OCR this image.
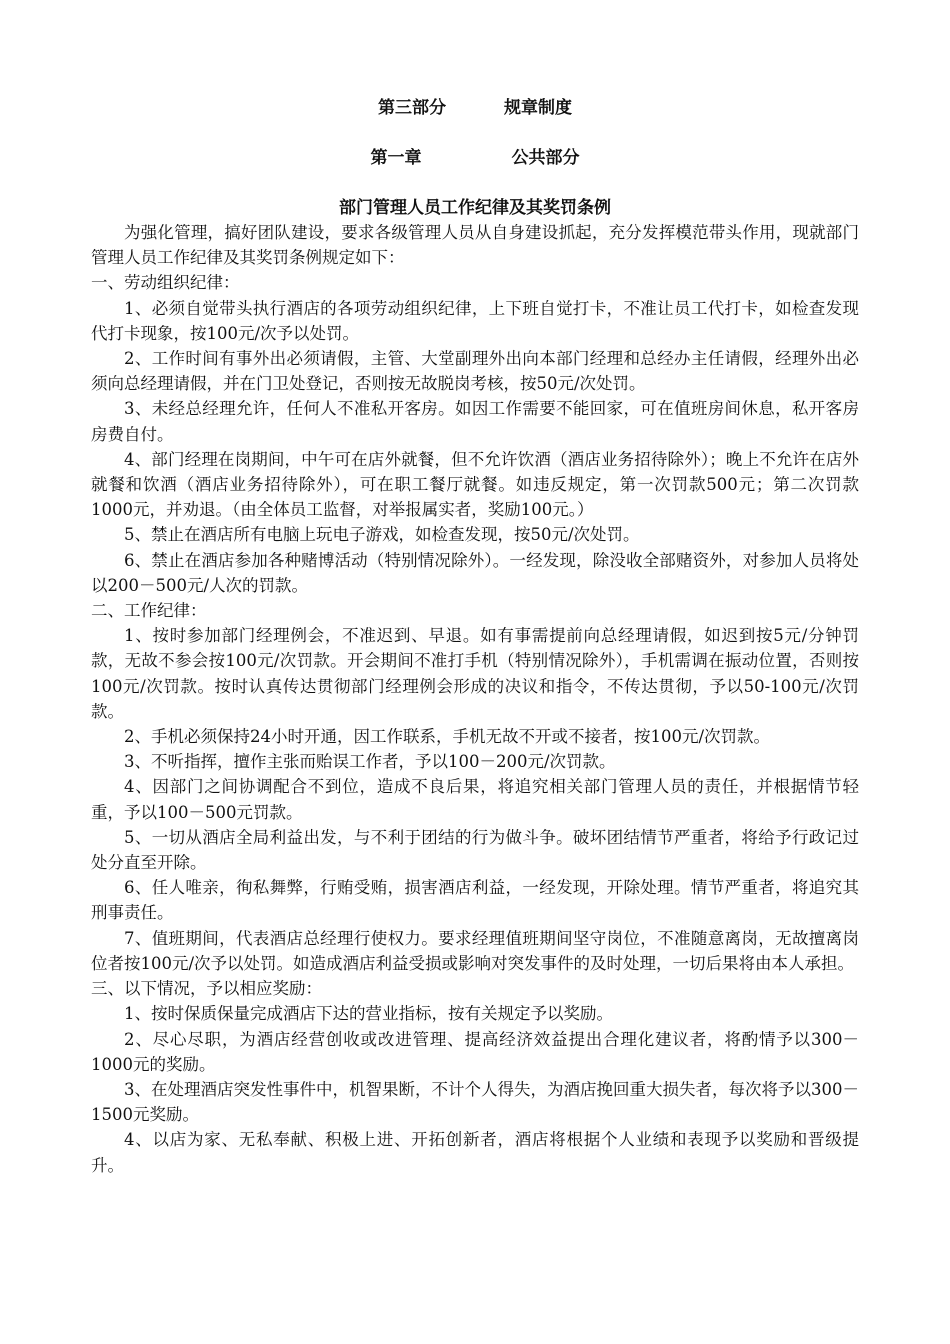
第三部分	规章制度
第一章	公共部分
部门管理人员工作纪律及其奖罚条例

为强化管理，搞好团队建设，要求各级管理人员从自身建设抓起，充分发挥模范带头作用，现就部门管理人员工作纪律及其奖罚条例规定如下：

一、劳动组织纪律：

1、必须自觉带头执行酒店的各项劳动组织纪律，上下班自觉打卡，不准让员工代打卡，如检查发现代打卡现象，按100元/次予以处罚。

2、工作时间有事外出必须请假，主管、大堂副理外出向本部门经理和总经办主任请假，经理外出必须向总经理请假，并在门卫处登记，否则按无故脱岗考核，按50元/次处罚。

3、未经总经理允许，任何人不准私开客房。如因工作需要不能回家，可在值班房间休息，私开客房房费自付。

4、部门经理在岗期间，中午可在店外就餐，但不允许饮酒（酒店业务招待除外）；晚上不允许在店外就餐和饮酒（酒店业务招待除外），可在职工餐厅就餐。如违反规定，第一次罚款500元；第二次罚款1000元，并劝退。（由全体员工监督，对举报属实者，奖励100元。）

5、禁止在酒店所有电脑上玩电子游戏，如检查发现，按50元/次处罚。

6、禁止在酒店参加各种赌博活动（特别情况除外）。一经发现，除没收全部赌资外，对参加人员将处以200－500元/人次的罚款。

二、工作纪律：

1、按时参加部门经理例会，不准迟到、早退。如有事需提前向总经理请假，如迟到按5元/分钟罚款，无故不参会按100元/次罚款。开会期间不准打手机（特别情况除外），手机需调在振动位置，否则按100元/次罚款。按时认真传达贯彻部门经理例会形成的决议和指令，不传达贯彻，予以50-100元/次罚款。

2、手机必须保持24小时开通，因工作联系，手机无故不开或不接者，按100元/次罚款。

3、不听指挥，擅作主张而贻误工作者，予以100－200元/次罚款。

4、因部门之间协调配合不到位，造成不良后果，将追究相关部门管理人员的责任，并根据情节轻重，予以100－500元罚款。

5、一切从酒店全局利益出发，与不利于团结的行为做斗争。破坏团结情节严重者，将给予行政记过处分直至开除。

6、任人唯亲，徇私舞弊，行贿受贿，损害酒店利益，一经发现，开除处理。情节严重者，将追究其刑事责任。

7、值班期间，代表酒店总经理行使权力。要求经理值班期间坚守岗位，不准随意离岗，无故擅离岗位者按100元/次予以处罚。如造成酒店利益受损或影响对突发事件的及时处理，一切后果将由本人承担。

三、以下情况，予以相应奖励：

1、按时保质保量完成酒店下达的营业指标，按有关规定予以奖励。

2、尽心尽职，为酒店经营创收或改进管理、提高经济效益提出合理化建议者，将酌情予以300－1000元的奖励。

3、在处理酒店突发性事件中，机智果断，不计个人得失，为酒店挽回重大损失者，每次将予以300－1500元奖励。

4、以店为家、无私奉献、积极上进、开拓创新者，酒店将根据个人业绩和表现予以奖励和晋级提升。
